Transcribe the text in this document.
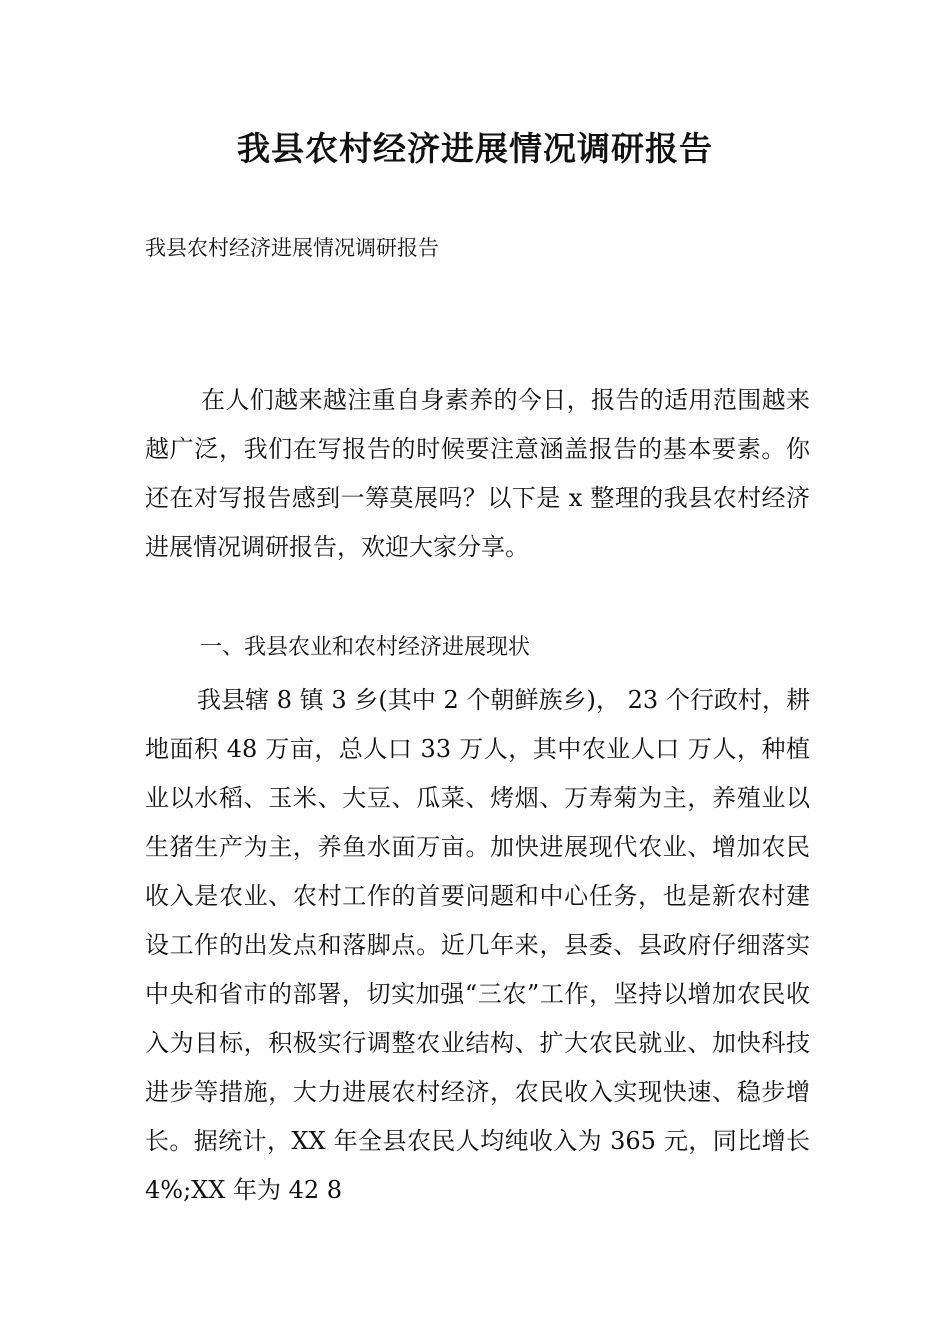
我县农村经济进展情况调研报告

我县农村经济进展情况调研报告

在人们越来越注重自身素养的今日，报告的适用范围越来越广泛，我们在写报告的时候要注意涵盖报告的基本要素。你还在对写报告感到一筹莫展吗？以下是 x 整理的我县农村经济进展情况调研报告，欢迎大家分享。

一、我县农业和农村经济进展现状

我县辖 8 镇 3 乡(其中 2 个朝鲜族乡)， 23 个行政村，耕地面积 48 万亩，总人口 33 万人，其中农业人口 万人，种植业以水稻、玉米、大豆、瓜菜、烤烟、万寿菊为主，养殖业以生猪生产为主，养鱼水面万亩。加快进展现代农业、增加农民收入是农业、农村工作的首要问题和中心任务，也是新农村建设工作的出发点和落脚点。近几年来，县委、县政府仔细落实中央和省市的部署，切实加强“三农”工作，坚持以增加农民收入为目标，积极实行调整农业结构、扩大农民就业、加快科技进步等措施，大力进展农村经济，农民收入实现快速、稳步增长。据统计，XX 年全县农民人均纯收入为 365 元，同比增长 4%;XX 年为 42 8
